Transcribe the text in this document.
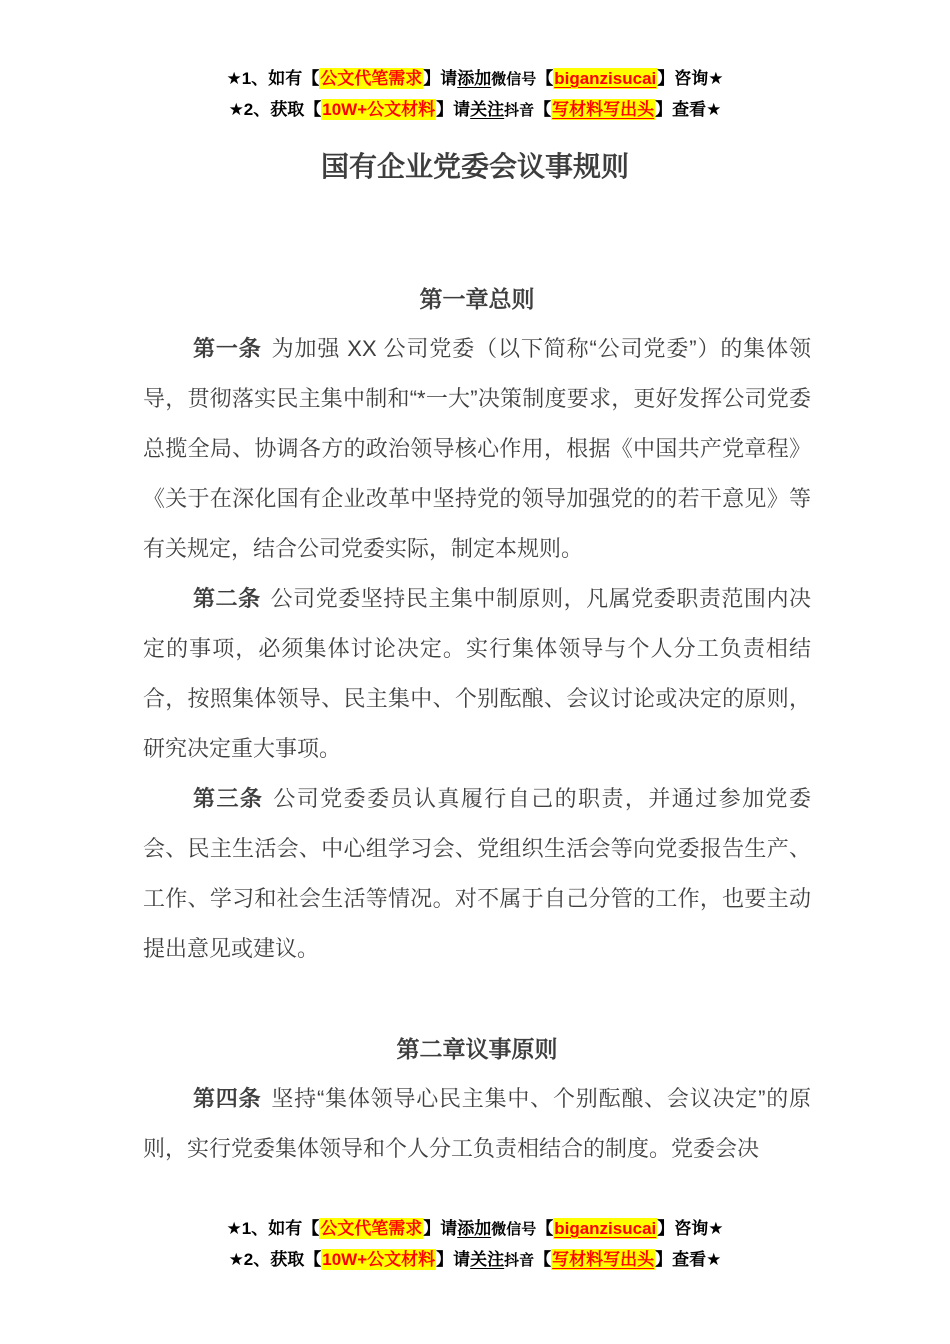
★1、如有【公文代笔需求】请添加微信号【biganzisucai】咨询★
★2、获取【10W+公文材料】请关注抖音【写材料写出头】查看★
国有企业党委会议事规则
第一章总则

第一条 为加强 XX 公司党委（以下简称“公司党委”）的集体领导，贯彻落实民主集中制和“*一大”决策制度要求，更好发挥公司党委总揽全局、协调各方的政治领导核心作用，根据《中国共产党章程》《关于在深化国有企业改革中坚持党的领导加强党的的若干意见》等有关规定，结合公司党委实际，制定本规则。

第二条 公司党委坚持民主集中制原则，凡属党委职责范围内决定的事项，必须集体讨论决定。实行集体领导与个人分工负责相结合，按照集体领导、民主集中、个别酝酿、会议讨论或决定的原则，研究决定重大事项。

第三条 公司党委委员认真履行自己的职责，并通过参加党委会、民主生活会、中心组学习会、党组织生活会等向党委报告生产、工作、学习和社会生活等情况。对不属于自己分管的工作，也要主动提出意见或建议。

第二章议事原则

第四条 坚持“集体领导心民主集中、个别酝酿、会议决定”的原则，实行党委集体领导和个人分工负责相结合的制度。党委会决

★1、如有【公文代笔需求】请添加微信号【biganzisucai】咨询★
★2、获取【10W+公文材料】请关注抖音【写材料写出头】查看★
